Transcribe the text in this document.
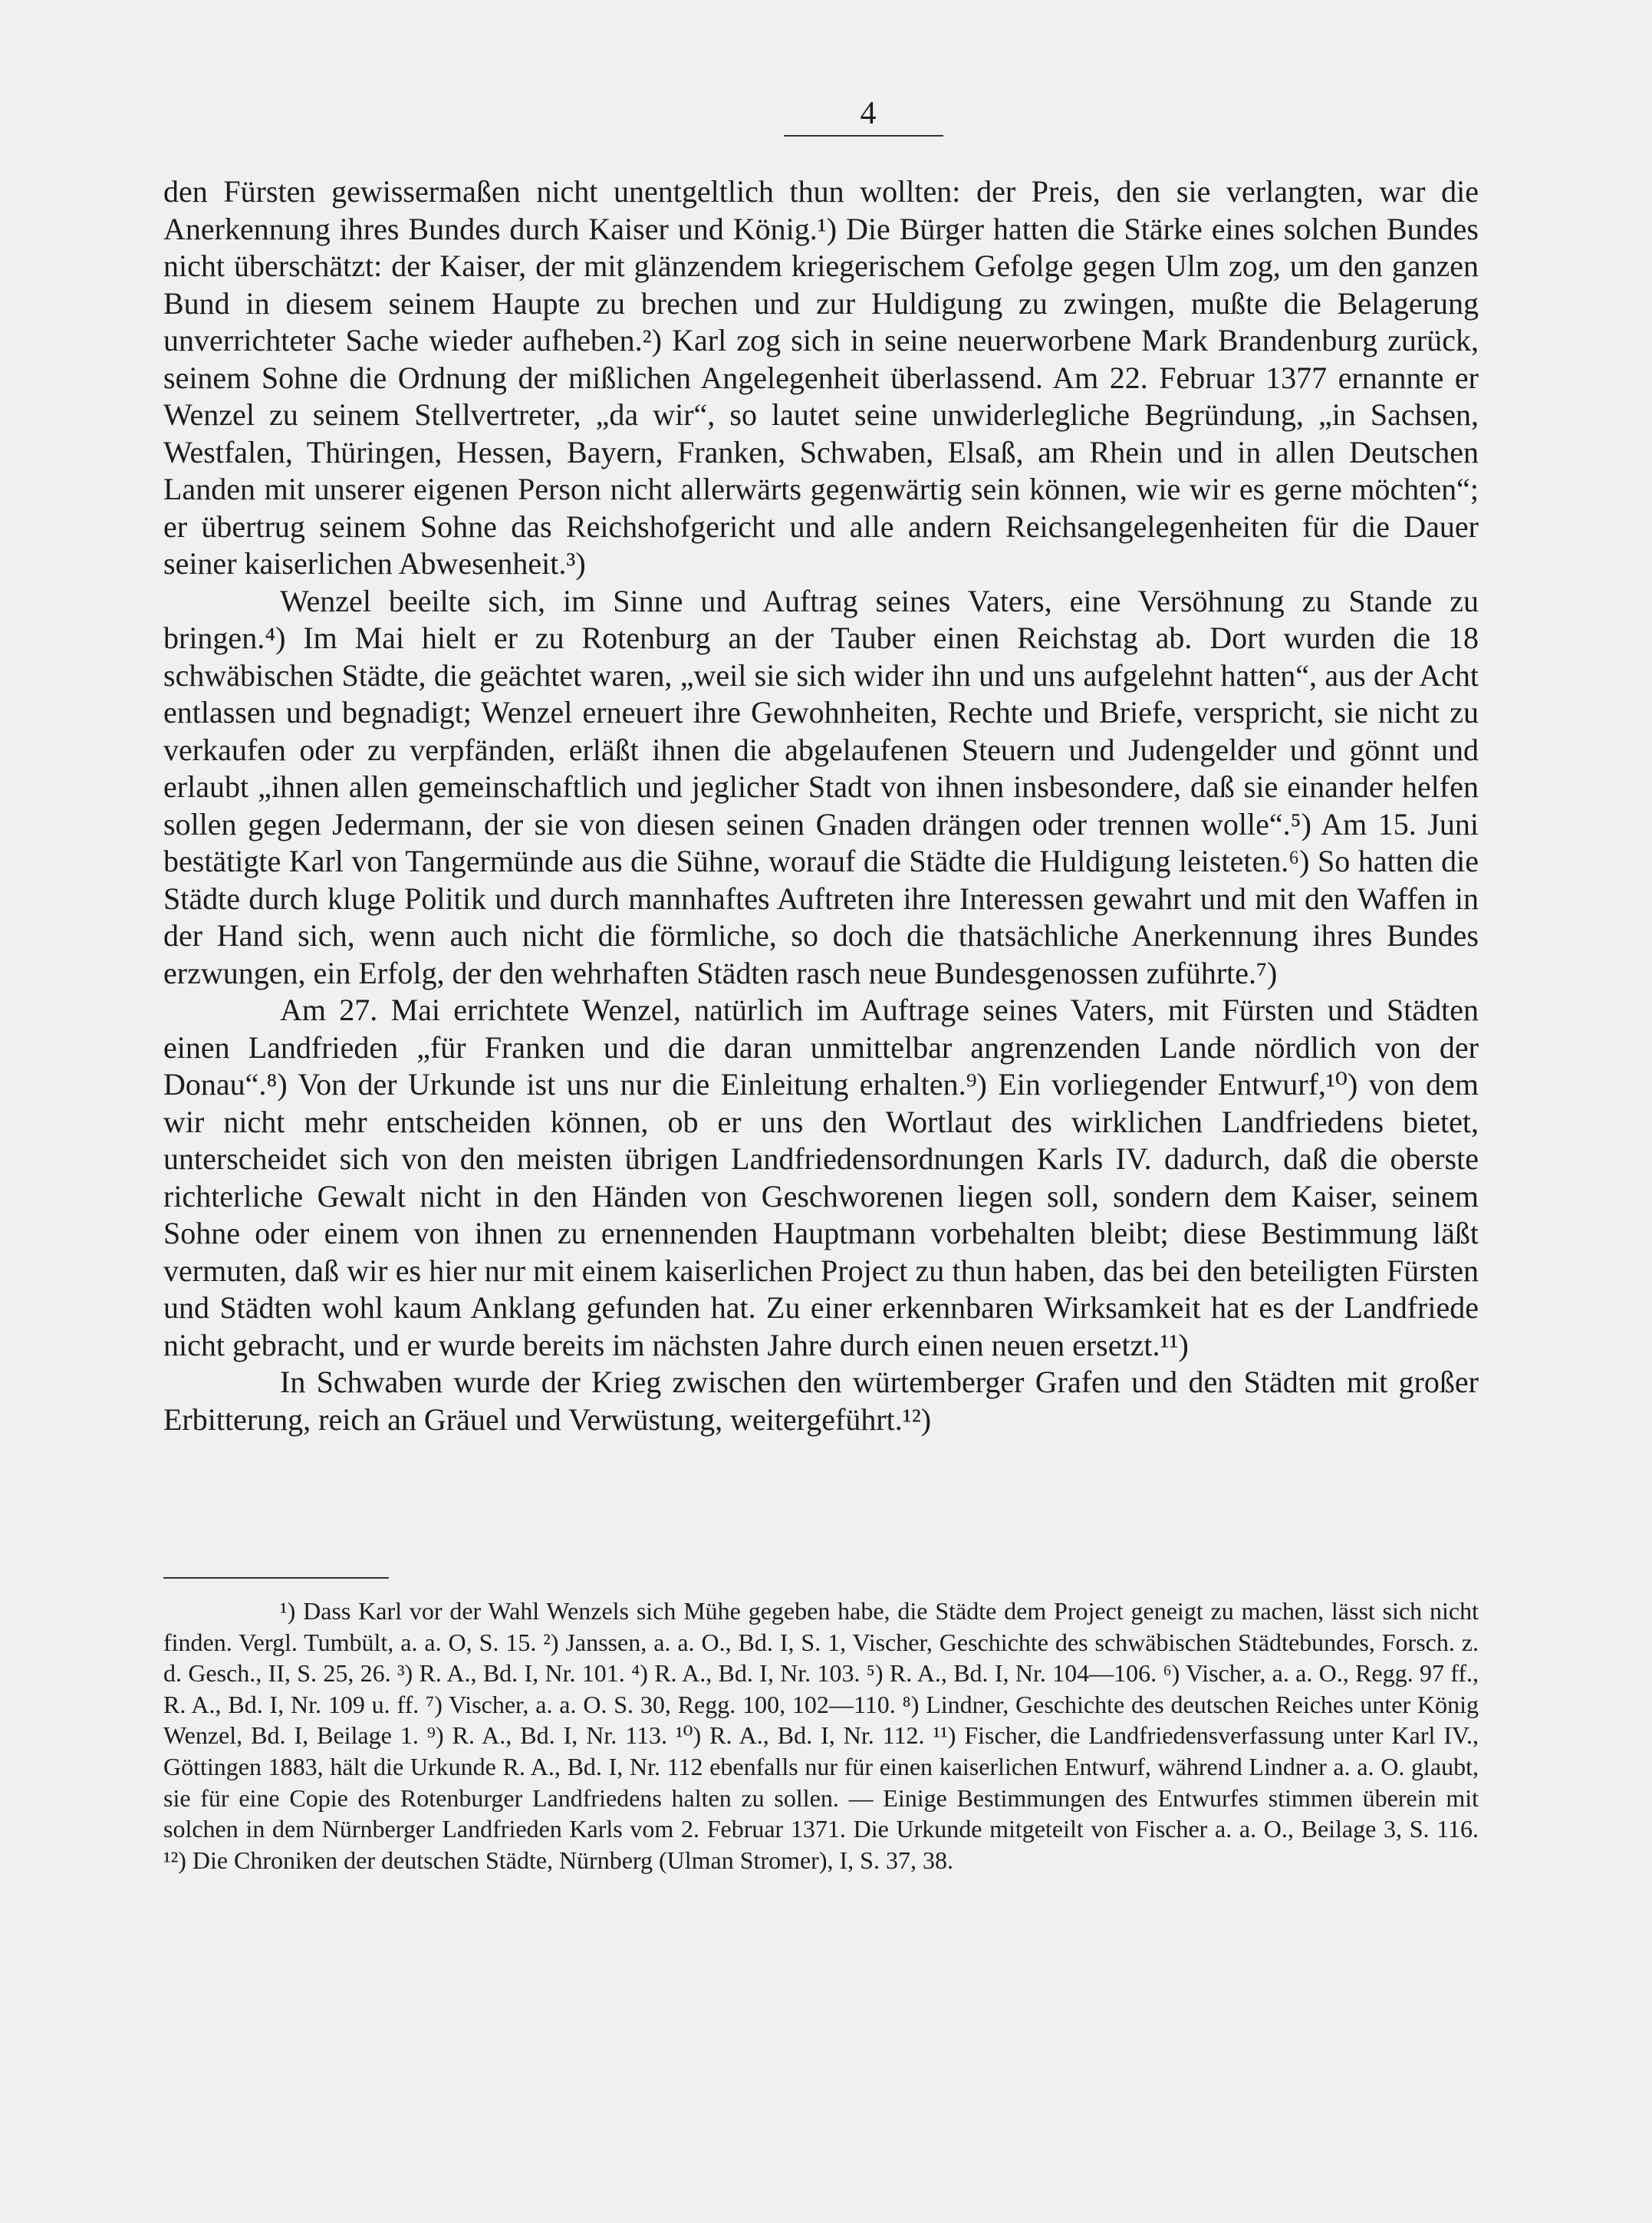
4

den Fürsten gewissermaßen nicht unentgeltlich thun wollten: der Preis, den sie verlangten, war die Anerkennung ihres Bundes durch Kaiser und König.¹) Die Bürger hatten die Stärke eines solchen Bundes nicht überschätzt: der Kaiser, der mit glänzendem kriegerischem Gefolge gegen Ulm zog, um den ganzen Bund in diesem seinem Haupte zu brechen und zur Huldigung zu zwingen, mußte die Belagerung unverrichteter Sache wieder aufheben.²) Karl zog sich in seine neuerworbene Mark Brandenburg zurück, seinem Sohne die Ordnung der mißlichen Angelegenheit überlassend. Am 22. Februar 1377 ernannte er Wenzel zu seinem Stellvertreter, „da wir“, so lautet seine unwiderlegliche Begründung, „in Sachsen, Westfalen, Thüringen, Hessen, Bayern, Franken, Schwaben, Elsaß, am Rhein und in allen Deutschen Landen mit unserer eigenen Person nicht allerwärts gegenwärtig sein können, wie wir es gerne möchten“; er übertrug seinem Sohne das Reichshofgericht und alle andern Reichsangelegenheiten für die Dauer seiner kaiserlichen Abwesenheit.³)

Wenzel beeilte sich, im Sinne und Auftrag seines Vaters, eine Versöhnung zu Stande zu bringen.⁴) Im Mai hielt er zu Rotenburg an der Tauber einen Reichstag ab. Dort wurden die 18 schwäbischen Städte, die geächtet waren, „weil sie sich wider ihn und uns aufgelehnt hatten“, aus der Acht entlassen und begnadigt; Wenzel erneuert ihre Gewohnheiten, Rechte und Briefe, verspricht, sie nicht zu verkaufen oder zu verpfänden, erläßt ihnen die abgelaufenen Steuern und Judengelder und gönnt und erlaubt „ihnen allen gemeinschaftlich und jeglicher Stadt von ihnen insbesondere, daß sie einander helfen sollen gegen Jedermann, der sie von diesen seinen Gnaden drängen oder trennen wolle“.⁵) Am 15. Juni bestätigte Karl von Tangermünde aus die Sühne, worauf die Städte die Huldigung leisteten.⁶) So hatten die Städte durch kluge Politik und durch mannhaftes Auftreten ihre Interessen gewahrt und mit den Waffen in der Hand sich, wenn auch nicht die förmliche, so doch die thatsächliche Anerkennung ihres Bundes erzwungen, ein Erfolg, der den wehrhaften Städten rasch neue Bundesgenossen zuführte.⁷)

Am 27. Mai errichtete Wenzel, natürlich im Auftrage seines Vaters, mit Fürsten und Städten einen Landfrieden „für Franken und die daran unmittelbar angrenzenden Lande nördlich von der Donau“.⁸) Von der Urkunde ist uns nur die Einleitung erhalten.⁹) Ein vorliegender Entwurf,¹⁰) von dem wir nicht mehr entscheiden können, ob er uns den Wortlaut des wirklichen Landfriedens bietet, unterscheidet sich von den meisten übrigen Landfriedensordnungen Karls IV. dadurch, daß die oberste richterliche Gewalt nicht in den Händen von Geschworenen liegen soll, sondern dem Kaiser, seinem Sohne oder einem von ihnen zu ernennenden Hauptmann vorbehalten bleibt; diese Bestimmung läßt vermuten, daß wir es hier nur mit einem kaiserlichen Project zu thun haben, das bei den beteiligten Fürsten und Städten wohl kaum Anklang gefunden hat. Zu einer erkennbaren Wirksamkeit hat es der Landfriede nicht gebracht, und er wurde bereits im nächsten Jahre durch einen neuen ersetzt.¹¹)

In Schwaben wurde der Krieg zwischen den würtemberger Grafen und den Städten mit großer Erbitterung, reich an Gräuel und Verwüstung, weitergeführt.¹²)

¹) Dass Karl vor der Wahl Wenzels sich Mühe gegeben habe, die Städte dem Project geneigt zu machen, lässt sich nicht finden. Vergl. Tumbült, a. a. O, S. 15. ²) Janssen, a. a. O., Bd. I, S. 1, Vischer, Geschichte des schwäbischen Städtebundes, Forsch. z. d. Gesch., II, S. 25, 26. ³) R. A., Bd. I, Nr. 101. ⁴) R. A., Bd. I, Nr. 103. ⁵) R. A., Bd. I, Nr. 104—106. ⁶) Vischer, a. a. O., Regg. 97 ff., R. A., Bd. I, Nr. 109 u. ff. ⁷) Vischer, a. a. O. S. 30, Regg. 100, 102—110. ⁸) Lindner, Geschichte des deutschen Reiches unter König Wenzel, Bd. I, Beilage 1. ⁹) R. A., Bd. I, Nr. 113. ¹⁰) R. A., Bd. I, Nr. 112. ¹¹) Fischer, die Landfriedensverfassung unter Karl IV., Göttingen 1883, hält die Urkunde R. A., Bd. I, Nr. 112 ebenfalls nur für einen kaiserlichen Entwurf, während Lindner a. a. O. glaubt, sie für eine Copie des Rotenburger Landfriedens halten zu sollen. — Einige Bestimmungen des Entwurfes stimmen überein mit solchen in dem Nürnberger Landfrieden Karls vom 2. Februar 1371. Die Urkunde mitgeteilt von Fischer a. a. O., Beilage 3, S. 116. ¹²) Die Chroniken der deutschen Städte, Nürnberg (Ulman Stromer), I, S. 37, 38.
